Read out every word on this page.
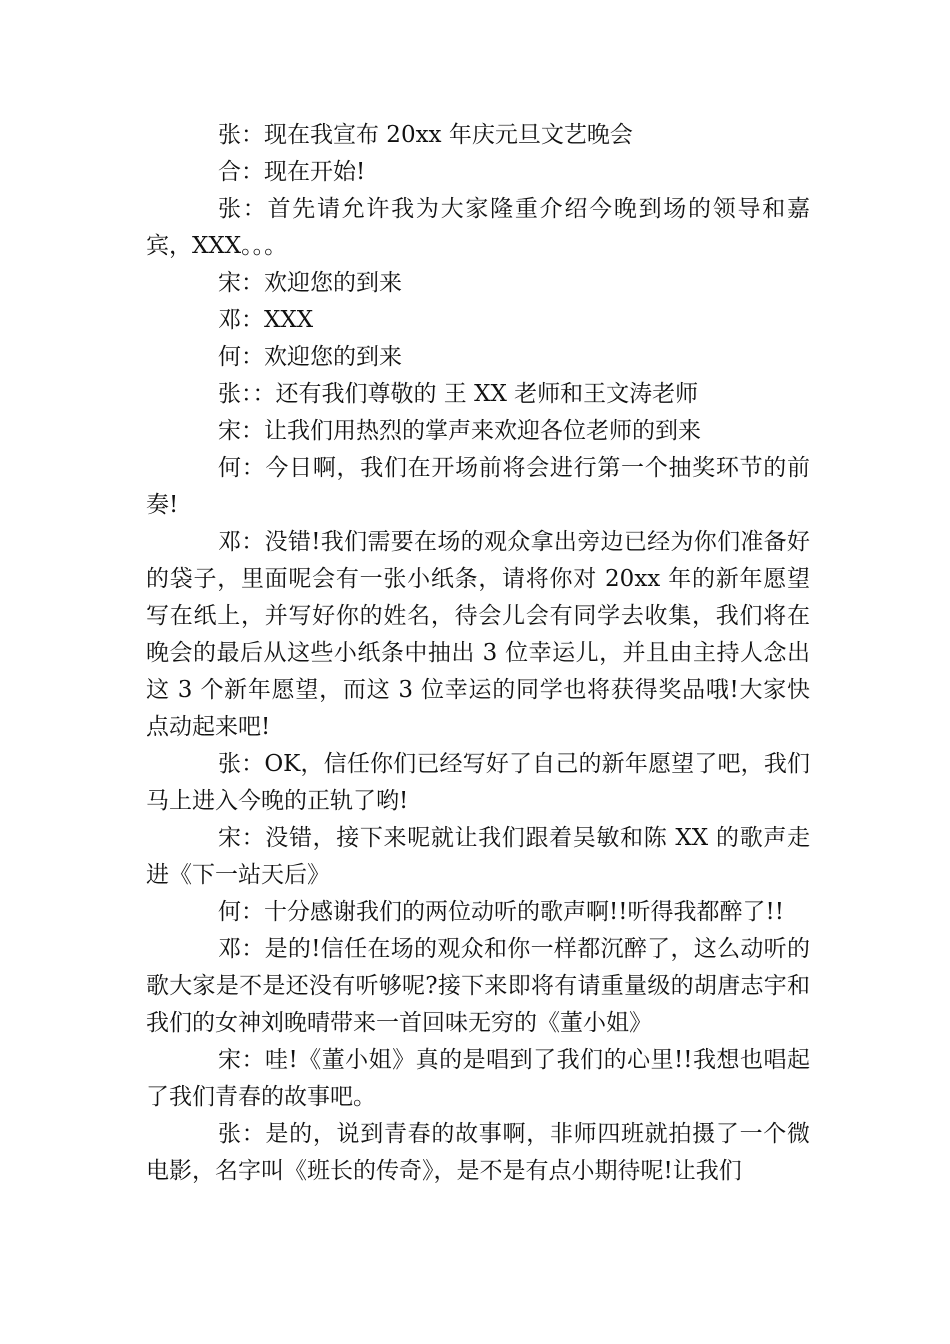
张：现在我宣布 20xx 年庆元旦文艺晚会

合：现在开始!

张：首先请允许我为大家隆重介绍今晚到场的领导和嘉宾，XXX。。。

宋：欢迎您的到来

邓：XXX

何：欢迎您的到来

张：：还有我们尊敬的 王 XX 老师和王文涛老师

宋：让我们用热烈的掌声来欢迎各位老师的到来

何：今日啊，我们在开场前将会进行第一个抽奖环节的前奏!

邓：没错!我们需要在场的观众拿出旁边已经为你们准备好的袋子，里面呢会有一张小纸条，请将你对 20xx 年的新年愿望写在纸上，并写好你的姓名，待会儿会有同学去收集，我们将在晚会的最后从这些小纸条中抽出 3 位幸运儿，并且由主持人念出这 3 个新年愿望，而这 3 位幸运的同学也将获得奖品哦!大家快点动起来吧!

张：OK，信任你们已经写好了自己的新年愿望了吧，我们马上进入今晚的正轨了哟!

宋：没错，接下来呢就让我们跟着吴敏和陈 XX 的歌声走进《下一站天后》

何：十分感谢我们的两位动听的歌声啊!!听得我都醉了!!

邓：是的!信任在场的观众和你一样都沉醉了，这么动听的歌大家是不是还没有听够呢?接下来即将有请重量级的胡唐志宇和我们的女神刘晚晴带来一首回味无穷的《董小姐》

宋：哇!《董小姐》真的是唱到了我们的心里!!我想也唱起了我们青春的故事吧。

张：是的，说到青春的故事啊，非师四班就拍摄了一个微电影，名字叫《班长的传奇》，是不是有点小期待呢!让我们
